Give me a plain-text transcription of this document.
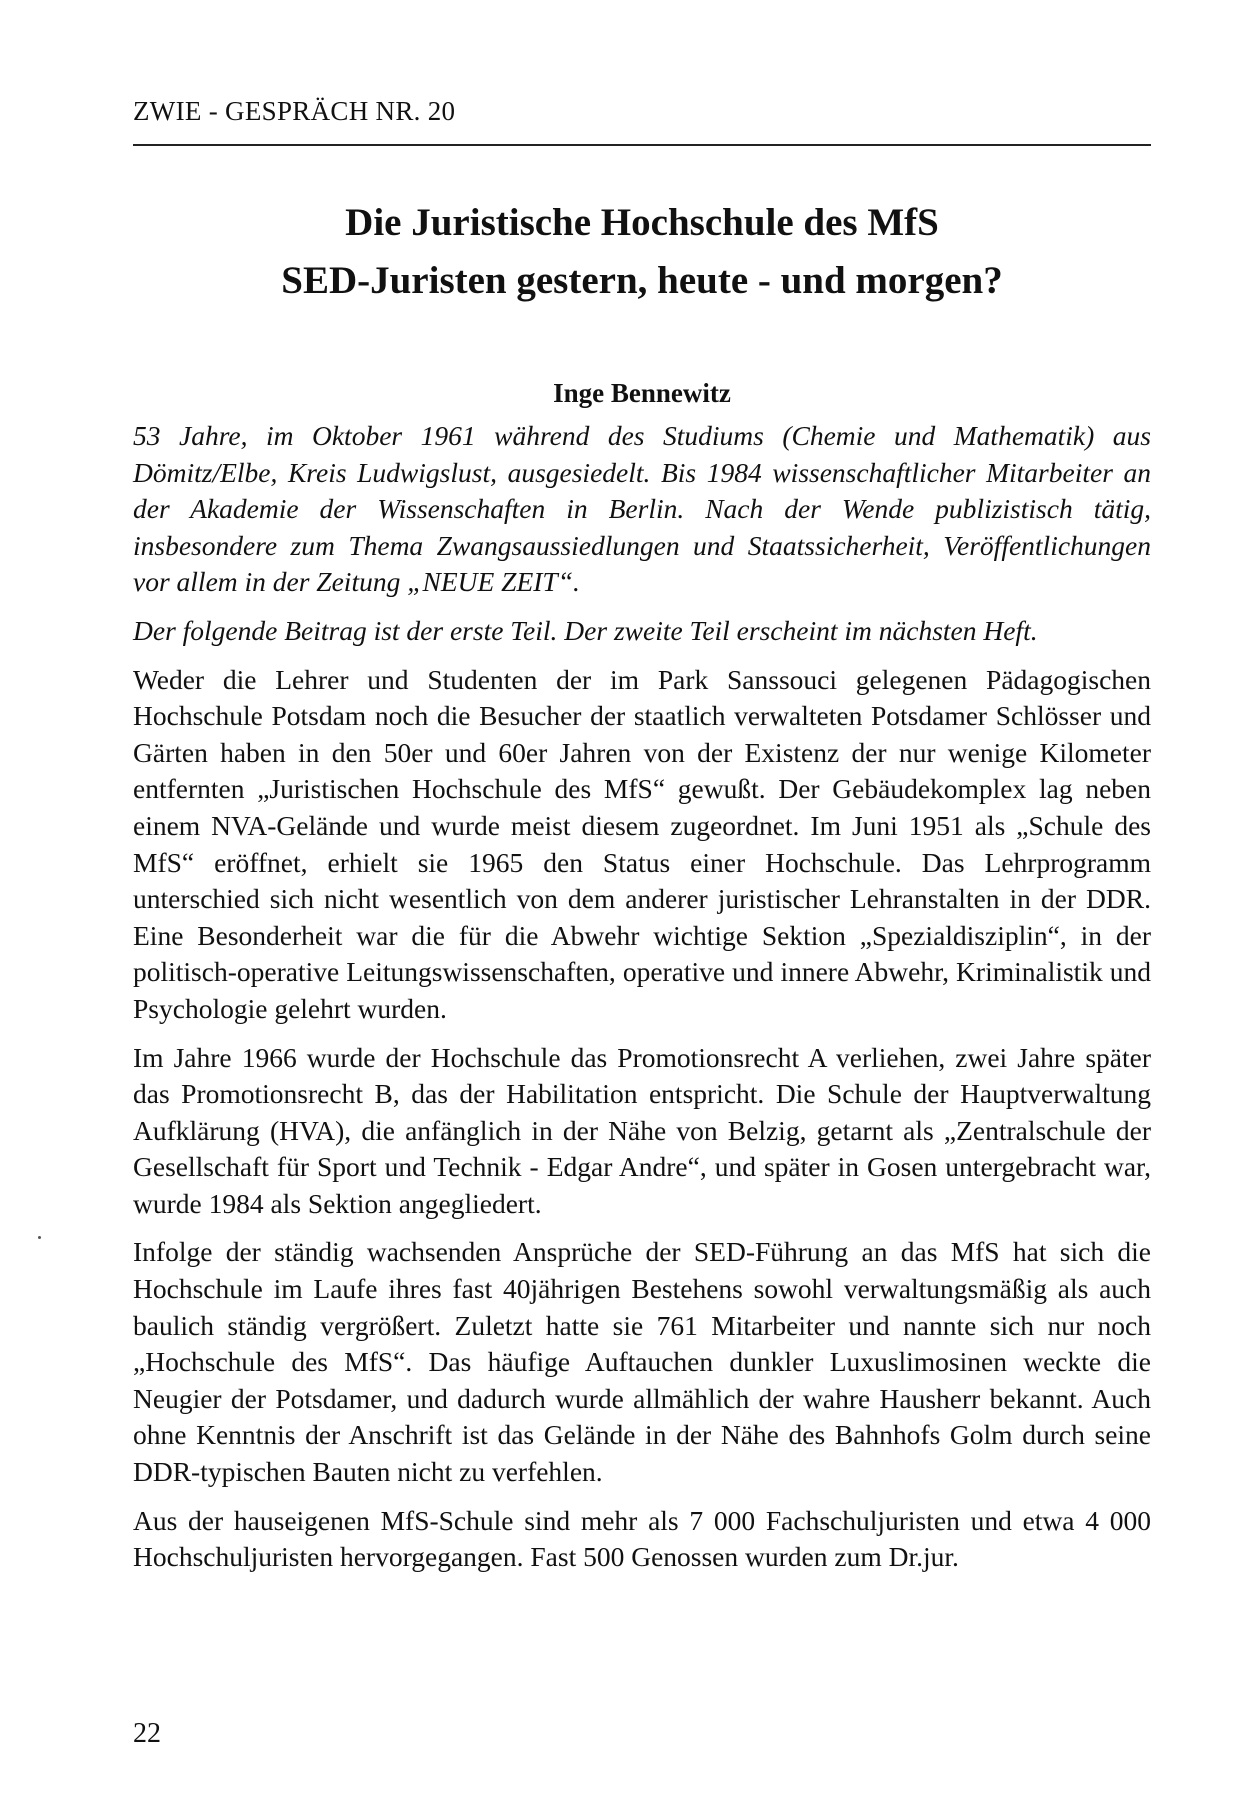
ZWIE - GESPRÄCH NR. 20
Die Juristische Hochschule des MfS
SED-Juristen gestern, heute - und morgen?
Inge Bennewitz

53 Jahre, im Oktober 1961 während des Studiums (Chemie und Mathematik) aus Dömitz/Elbe, Kreis Ludwigslust, ausgesiedelt. Bis 1984 wissenschaftlicher Mitarbeiter an der Akademie der Wissenschaften in Berlin. Nach der Wende publizistisch tätig, insbesondere zum Thema Zwangsaussiedlungen und Staatssicherheit, Veröffentlichungen vor allem in der Zeitung „NEUE ZEIT“.

Der folgende Beitrag ist der erste Teil. Der zweite Teil erscheint im nächsten Heft.

Weder die Lehrer und Studenten der im Park Sanssouci gelegenen Pädagogischen Hochschule Potsdam noch die Besucher der staatlich verwalteten Potsdamer Schlösser und Gärten haben in den 50er und 60er Jahren von der Existenz der nur wenige Kilometer entfernten „Juristischen Hochschule des MfS“ gewußt. Der Gebäudekomplex lag neben einem NVA-Gelände und wurde meist diesem zugeordnet. Im Juni 1951 als „Schule des MfS“ eröffnet, erhielt sie 1965 den Status einer Hochschule. Das Lehrprogramm unterschied sich nicht wesentlich von dem anderer juristischer Lehranstalten in der DDR. Eine Besonderheit war die für die Abwehr wichtige Sektion „Spezialdisziplin“, in der politisch-operative Leitungswissenschaften, operative und innere Abwehr, Kriminalistik und Psychologie gelehrt wurden.

Im Jahre 1966 wurde der Hochschule das Promotionsrecht A verliehen, zwei Jahre später das Promotionsrecht B, das der Habilitation entspricht. Die Schule der Hauptverwaltung Aufklärung (HVA), die anfänglich in der Nähe von Belzig, getarnt als „Zentralschule der Gesellschaft für Sport und Technik - Edgar Andre“, und später in Gosen untergebracht war, wurde 1984 als Sektion angegliedert.

Infolge der ständig wachsenden Ansprüche der SED-Führung an das MfS hat sich die Hochschule im Laufe ihres fast 40jährigen Bestehens sowohl verwaltungsmäßig als auch baulich ständig vergrößert. Zuletzt hatte sie 761 Mitarbeiter und nannte sich nur noch „Hochschule des MfS“. Das häufige Auftauchen dunkler Luxuslimosinen weckte die Neugier der Potsdamer, und dadurch wurde allmählich der wahre Hausherr bekannt. Auch ohne Kenntnis der Anschrift ist das Gelände in der Nähe des Bahnhofs Golm durch seine DDR-typischen Bauten nicht zu verfehlen.

Aus der hauseigenen MfS-Schule sind mehr als 7 000 Fachschuljuristen und etwa 4 000 Hochschuljuristen hervorgegangen. Fast 500 Genossen wurden zum Dr.jur.

22
